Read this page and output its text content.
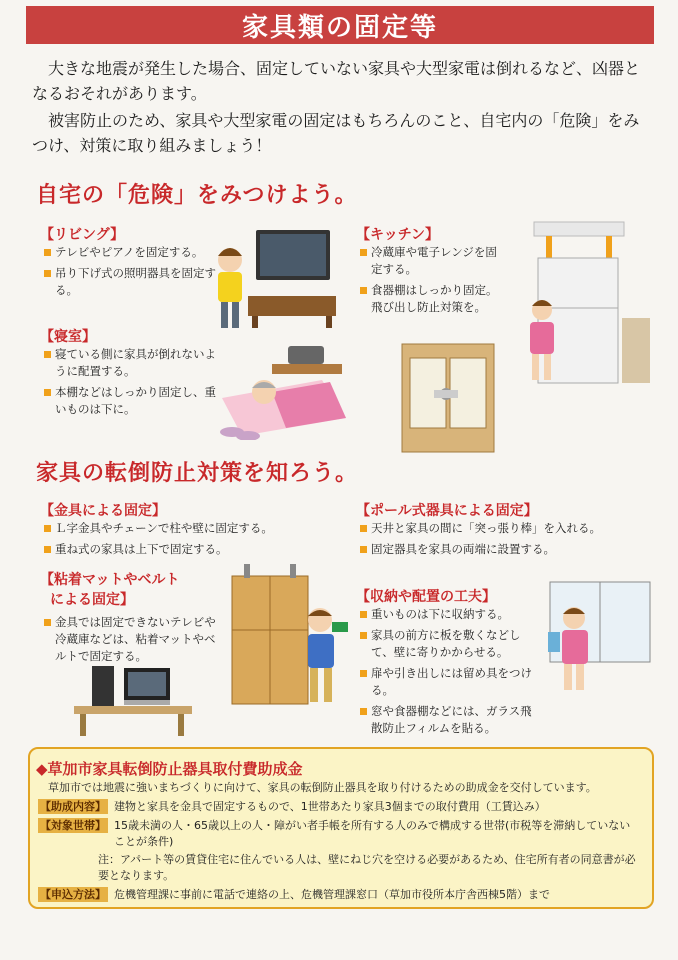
家具類の固定等

大きな地震が発生した場合、固定していない家具や大型家電は倒れるなど、凶器となるおそれがあります。

被害防止のため、家具や大型家電の固定はもちろんのこと、自宅内の「危険」をみつけ、対策に取り組みましょう！

自宅の「危険」をみつけよう。
【リビング】
テレビやピアノを固定する。
吊り下げ式の照明器具を固定する。
【キッチン】
冷蔵庫や電子レンジを固定する。
食器棚はしっかり固定。飛び出し防止対策を。
【寝室】
寝ている側に家具が倒れないように配置する。
本棚などはしっかり固定し、重いものは下に。
家具の転倒防止対策を知ろう。
【金具による固定】
Ｌ字金具やチェーンで柱や壁に固定する。
重ね式の家具は上下で固定する。
【ポール式器具による固定】
天井と家具の間に「突っ張り棒」を入れる。
固定器具を家具の両端に設置する。
【粘着マットやベルト
による固定】
金具では固定できないテレビや冷蔵庫などは、粘着マットやベルトで固定する。
【収納や配置の工夫】
重いものは下に収納する。
家具の前方に板を敷くなどして、壁に寄りかからせる。
扉や引き出しには留め具をつける。
窓や食器棚などには、ガラス飛散防止フィルムを貼る。
◆草加市家具転倒防止器具取付費助成金
草加市では地震に強いまちづくりに向けて、家具の転倒防止器具を取り付けるための助成金を交付しています。
【助成内容】 建物と家具を金具で固定するもので、1世帯あたり家具3個までの取付費用（工賃込み）
【対象世帯】 15歳未満の人・65歳以上の人・障がい者手帳を所有する人のみで構成する世帯(市税等を滞納していないことが条件)
注：アパート等の賃貸住宅に住んでいる人は、壁にねじ穴を空ける必要があるため、住宅所有者の同意書が必要となります。
【申込方法】 危機管理課に事前に電話で連絡の上、危機管理課窓口（草加市役所本庁舎西棟5階）まで
